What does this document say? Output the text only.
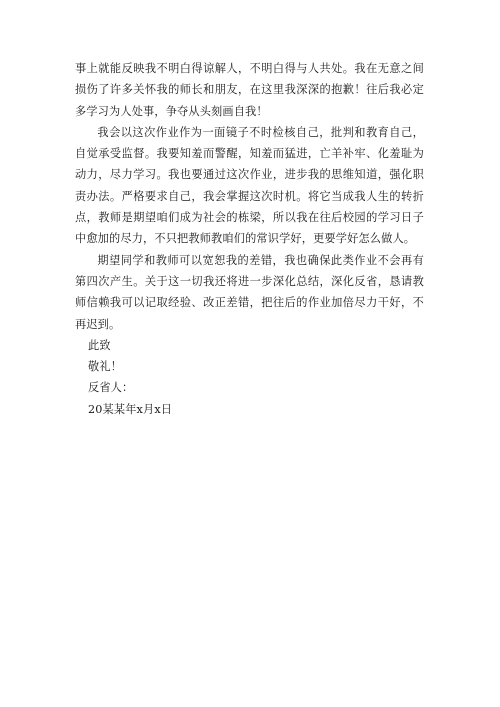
事上就能反映我不明白得谅解人，不明白得与人共处。我在无意之间损伤了许多关怀我的师长和朋友，在这里我深深的抱歉！往后我必定多学习为人处事，争夺从头刻画自我！

我会以这次作业作为一面镜子不时检核自己，批判和教育自己，自觉承受监督。我要知羞而警醒，知羞而猛进，亡羊补牢、化羞耻为动力，尽力学习。我也要通过这次作业，进步我的思维知道，强化职责办法。严格要求自己，我会掌握这次时机。将它当成我人生的转折点，教师是期望咱们成为社会的栋梁，所以我在往后校园的学习日子中愈加的尽力，不只把教师教咱们的常识学好，更要学好怎么做人。

期望同学和教师可以宽恕我的差错，我也确保此类作业不会再有第四次产生。关于这一切我还将进一步深化总结，深化反省，恳请教师信赖我可以记取经验、改正差错，把往后的作业加倍尽力干好，不再迟到。

此致

敬礼！

反省人：

20某某年x月x日
